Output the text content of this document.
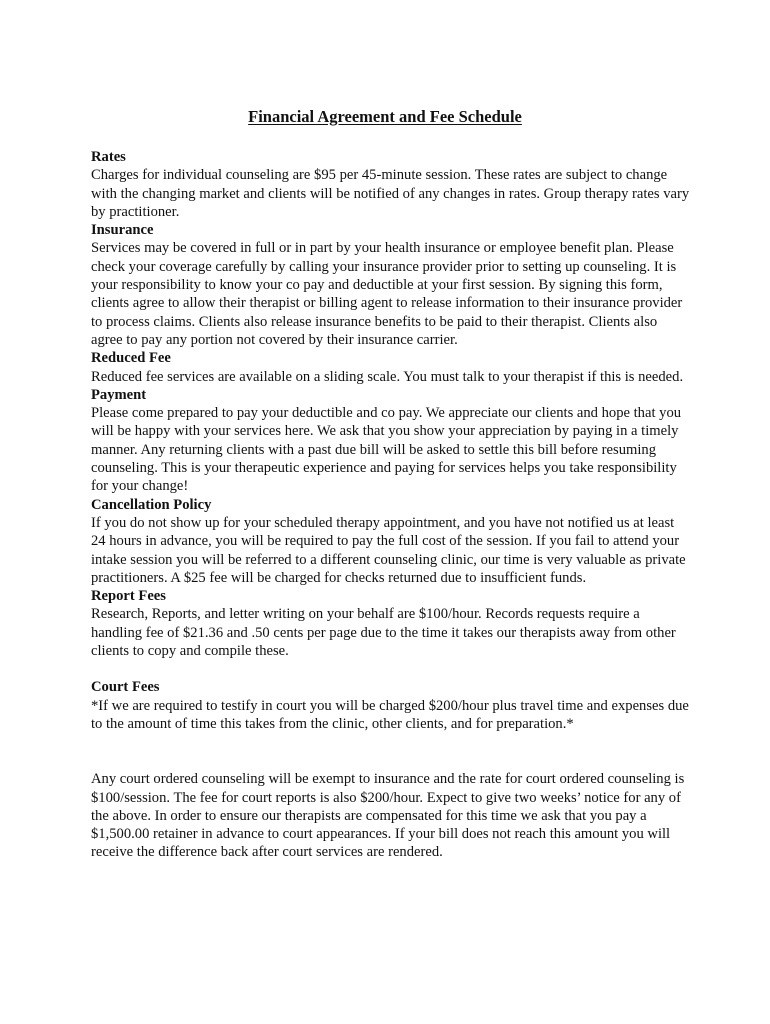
Financial Agreement and Fee Schedule

Rates

Charges for individual counseling are $95 per 45-minute session. These rates are subject to change with the changing market and clients will be notified of any changes in rates. Group therapy rates vary by practitioner.

Insurance

Services may be covered in full or in part by your health insurance or employee benefit plan. Please check your coverage carefully by calling your insurance provider prior to setting up counseling. It is your responsibility to know your co pay and deductible at your first session. By signing this form, clients agree to allow their therapist or billing agent to release information to their insurance provider to process claims. Clients also release insurance benefits to be paid to their therapist. Clients also agree to pay any portion not covered by their insurance carrier.

Reduced Fee

Reduced fee services are available on a sliding scale. You must talk to your therapist if this is needed.

Payment

Please come prepared to pay your deductible and co pay. We appreciate our clients and hope that you will be happy with your services here. We ask that you show your appreciation by paying in a timely manner. Any returning clients with a past due bill will be asked to settle this bill before resuming counseling. This is your therapeutic experience and paying for services helps you take responsibility for your change!

Cancellation Policy

If you do not show up for your scheduled therapy appointment, and you have not notified us at least 24 hours in advance, you will be required to pay the full cost of the session. If you fail to attend your intake session you will be referred to a different counseling clinic, our time is very valuable as private practitioners. A $25 fee will be charged for checks returned due to insufficient funds.

Report Fees

Research, Reports, and letter writing on your behalf are $100/hour. Records requests require a handling fee of $21.36 and .50 cents per page due to the time it takes our therapists away from other clients to copy and compile these.

Court Fees

*If we are required to testify in court you will be charged $200/hour plus travel time and expenses due to the amount of time this takes from the clinic, other clients, and for preparation.*

Any court ordered counseling will be exempt to insurance and the rate for court ordered counseling is $100/session. The fee for court reports is also $200/hour. Expect to give two weeks’ notice for any of the above. In order to ensure our therapists are compensated for this time we ask that you pay a $1,500.00 retainer in advance to court appearances. If your bill does not reach this amount you will receive the difference back after court services are rendered.
